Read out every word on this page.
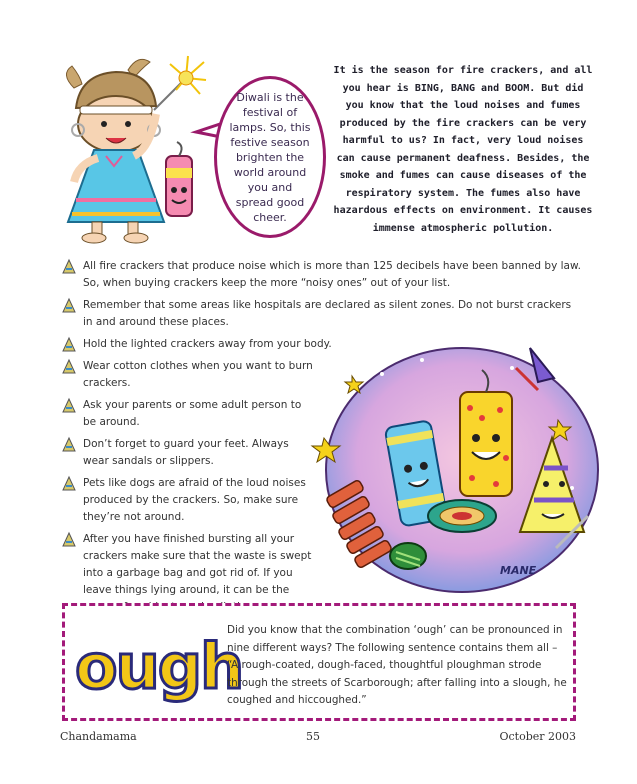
Diwali is the festival of lamps. So, this festive season brighten the world around you and spread good cheer.
It is the season for fire crackers, and all you hear is BING, BANG and BOOM. But did you know that the loud noises and fumes produced by the fire crackers can be very harmful to us? In fact, very loud noises can cause permanent deafness. Besides, the smoke and fumes can cause diseases of the respiratory system. The fumes also have hazardous effects on environment. It causes immense atmospheric pollution.
All fire crackers that produce noise which is more than 125 decibels have been banned by law. So, when buying crackers keep the more “noisy ones” out of your list.
Remember that some areas like hospitals are declared as silent zones. Do not burst crackers in and around these places.
Hold the lighted crackers away from your body.
Wear cotton clothes when you want to burn crackers.
Ask your parents or some adult person to be around.
Don’t forget to guard your feet. Always wear sandals or slippers.
Pets like dogs are afraid of the loud noises produced by the crackers. So, make sure they’re not around.
After you have finished bursting all your crackers make sure that the waste is swept into a garbage bag and got rid of. If you leave things lying around, it can be the
MANE
ough
Did you know that the combination ‘ough’ can be pronounced in nine different ways? The following sentence contains them all – “A rough-coated, dough-faced, thoughtful ploughman strode through the streets of Scarborough; after falling into a slough, he coughed and hiccoughed.”
Chandamama	55	October 2003
